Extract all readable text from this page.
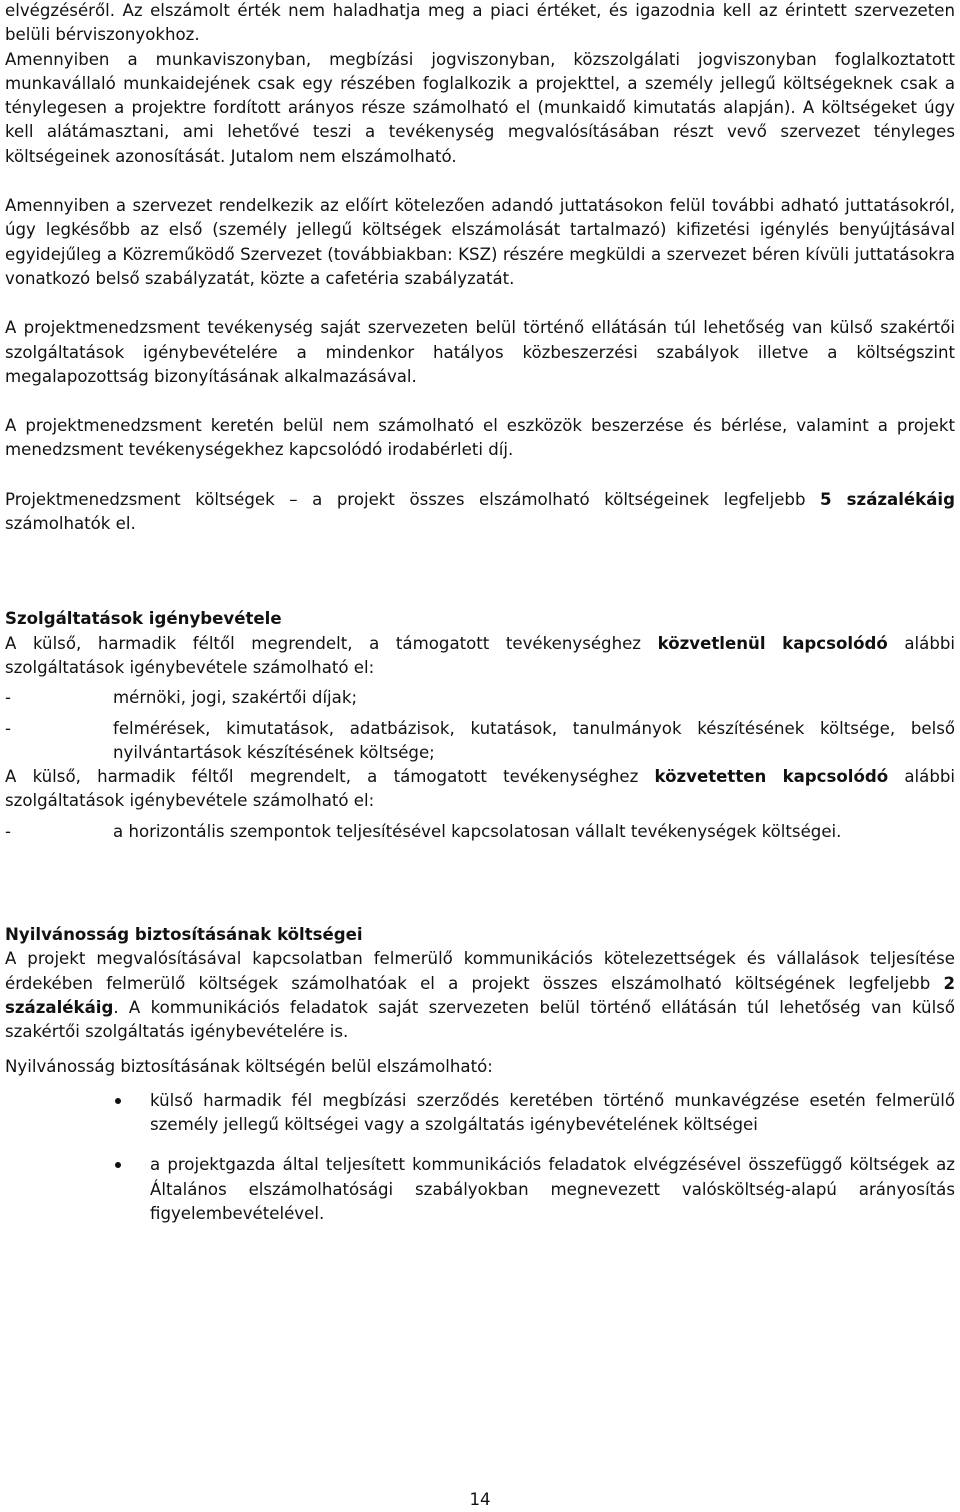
elvégzéséről. Az elszámolt érték nem haladhatja meg a piaci értéket, és igazodnia kell az érintett szervezeten belüli bérviszonyokhoz.

Amennyiben a munkaviszonyban, megbízási jogviszonyban, közszolgálati jogviszonyban foglalkoztatott munkavállaló munkaidejének csak egy részében foglalkozik a projekttel, a személy jellegű költségeknek csak a ténylegesen a projektre fordított arányos része számolható el (munkaidő kimutatás alapján). A költségeket úgy kell alátámasztani, ami lehetővé teszi a tevékenység megvalósításában részt vevő szervezet tényleges költségeinek azonosítását. Jutalom nem elszámolható.

Amennyiben a szervezet rendelkezik az előírt kötelezően adandó juttatásokon felül további adható juttatásokról, úgy legkésőbb az első (személy jellegű költségek elszámolását tartalmazó) kifizetési igénylés benyújtásával egyidejűleg a Közreműködő Szervezet (továbbiakban: KSZ) részére megküldi a szervezet béren kívüli juttatásokra vonatkozó belső szabályzatát, közte a cafetéria szabályzatát.

A projektmenedzsment tevékenység saját szervezeten belül történő ellátásán túl lehetőség van külső szakértői szolgáltatások igénybevételére a mindenkor hatályos közbeszerzési szabályok illetve a költségszint megalapozottság bizonyításának alkalmazásával.

A projektmenedzsment keretén belül nem számolható el eszközök beszerzése és bérlése, valamint a projekt menedzsment tevékenységekhez kapcsolódó irodabérleti díj.

Projektmenedzsment költségek – a projekt összes elszámolható költségeinek legfeljebb 5 százalékáig számolhatók el.

Szolgáltatások igénybevétele

A külső, harmadik féltől megrendelt, a támogatott tevékenységhez közvetlenül kapcsolódó alábbi szolgáltatások igénybevétele számolható el:

-	mérnöki, jogi, szakértői díjak;
-	felmérések, kimutatások, adatbázisok, kutatások, tanulmányok készítésének költsége, belső nyilvántartások készítésének költsége;

A külső, harmadik féltől megrendelt, a támogatott tevékenységhez közvetetten kapcsolódó alábbi szolgáltatások igénybevétele számolható el:

-	a horizontális szempontok teljesítésével kapcsolatosan vállalt tevékenységek költségei.

Nyilvánosság biztosításának költségei

A projekt megvalósításával kapcsolatban felmerülő kommunikációs kötelezettségek és vállalások teljesítése érdekében felmerülő költségek számolhatóak el a projekt összes elszámolható költségének legfeljebb 2 százalékáig. A kommunikációs feladatok saját szervezeten belül történő ellátásán túl lehetőség van külső szakértői szolgáltatás igénybevételére is.

Nyilvánosság biztosításának költségén belül elszámolható:

külső harmadik fél megbízási szerződés keretében történő munkavégzése esetén felmerülő személy jellegű költségei vagy a szolgáltatás igénybevételének költségei
a projektgazda által teljesített kommunikációs feladatok elvégzésével összefüggő költségek az Általános elszámolhatósági szabályokban megnevezett valósköltség-alapú arányosítás figyelembevételével.
14
